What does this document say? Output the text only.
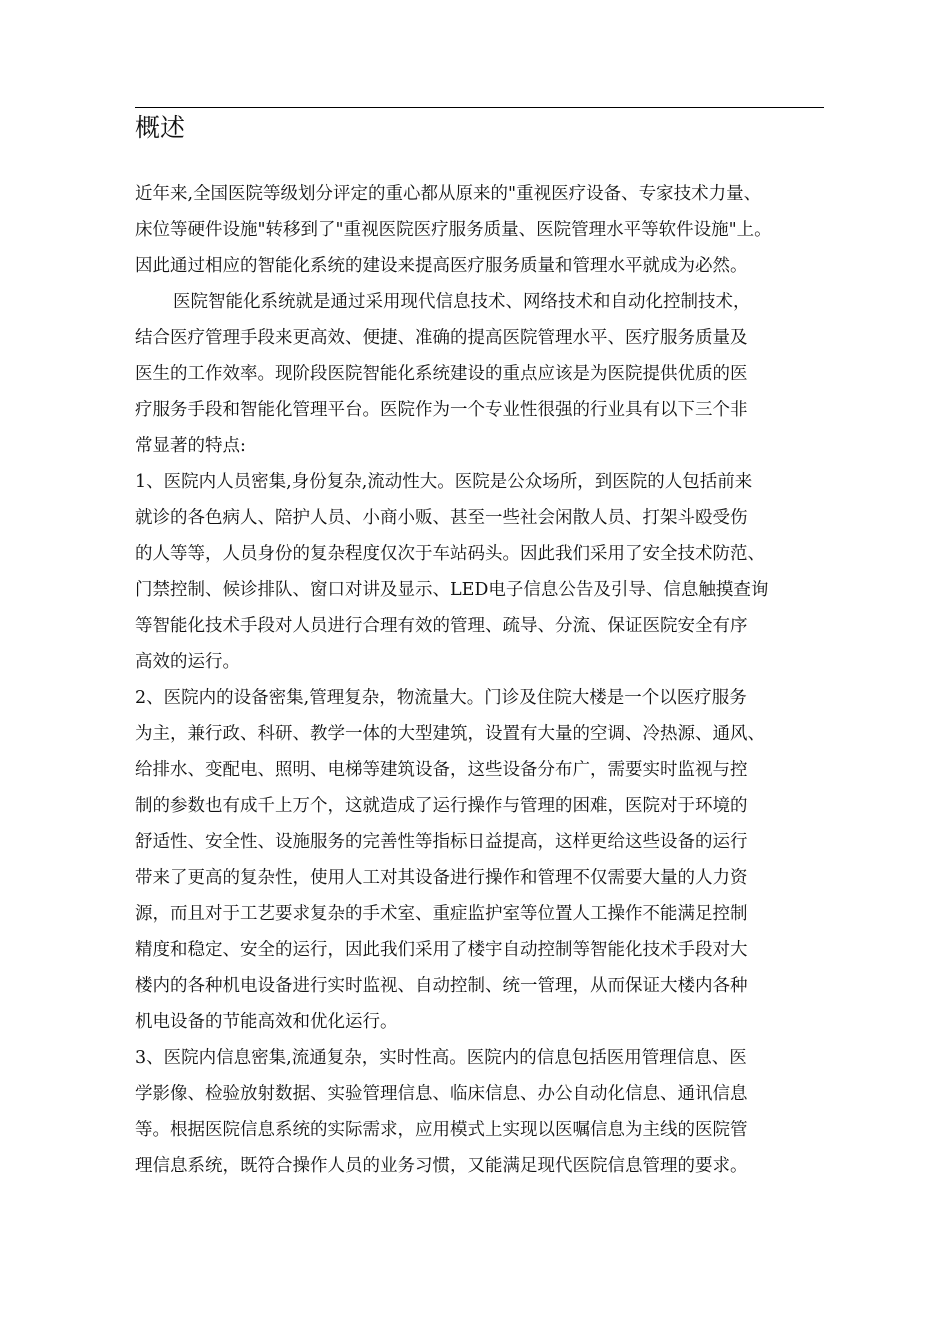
概述
近年来,全国医院等级划分评定的重心都从原来的"重视医疗设备、专家技术力量、
床位等硬件设施"转移到了"重视医院医疗服务质量、医院管理水平等软件设施"上。
因此通过相应的智能化系统的建设来提高医疗服务质量和管理水平就成为必然。
医院智能化系统就是通过采用现代信息技术、网络技术和自动化控制技术，
结合医疗管理手段来更高效、便捷、准确的提高医院管理水平、医疗服务质量及
医生的工作效率。现阶段医院智能化系统建设的重点应该是为医院提供优质的医
疗服务手段和智能化管理平台。医院作为一个专业性很强的行业具有以下三个非
常显著的特点:
1、医院内人员密集,身份复杂,流动性大。医院是公众场所，到医院的人包括前来
就诊的各色病人、陪护人员、小商小贩、甚至一些社会闲散人员、打架斗殴受伤
的人等等，人员身份的复杂程度仅次于车站码头。因此我们采用了安全技术防范、
门禁控制、候诊排队、窗口对讲及显示、LED电子信息公告及引导、信息触摸查询
等智能化技术手段对人员进行合理有效的管理、疏导、分流、保证医院安全有序
高效的运行。
2、医院内的设备密集,管理复杂，物流量大。门诊及住院大楼是一个以医疗服务
为主，兼行政、科研、教学一体的大型建筑，设置有大量的空调、冷热源、通风、
给排水、变配电、照明、电梯等建筑设备，这些设备分布广，需要实时监视与控
制的参数也有成千上万个，这就造成了运行操作与管理的困难，医院对于环境的
舒适性、安全性、设施服务的完善性等指标日益提高，这样更给这些设备的运行
带来了更高的复杂性，使用人工对其设备进行操作和管理不仅需要大量的人力资
源，而且对于工艺要求复杂的手术室、重症监护室等位置人工操作不能满足控制
精度和稳定、安全的运行，因此我们采用了楼宇自动控制等智能化技术手段对大
楼内的各种机电设备进行实时监视、自动控制、统一管理，从而保证大楼内各种
机电设备的节能高效和优化运行。
3、医院内信息密集,流通复杂，实时性高。医院内的信息包括医用管理信息、医
学影像、检验放射数据、实验管理信息、临床信息、办公自动化信息、通讯信息
等。根据医院信息系统的实际需求，应用模式上实现以医嘱信息为主线的医院管
理信息系统，既符合操作人员的业务习惯，又能满足现代医院信息管理的要求。
